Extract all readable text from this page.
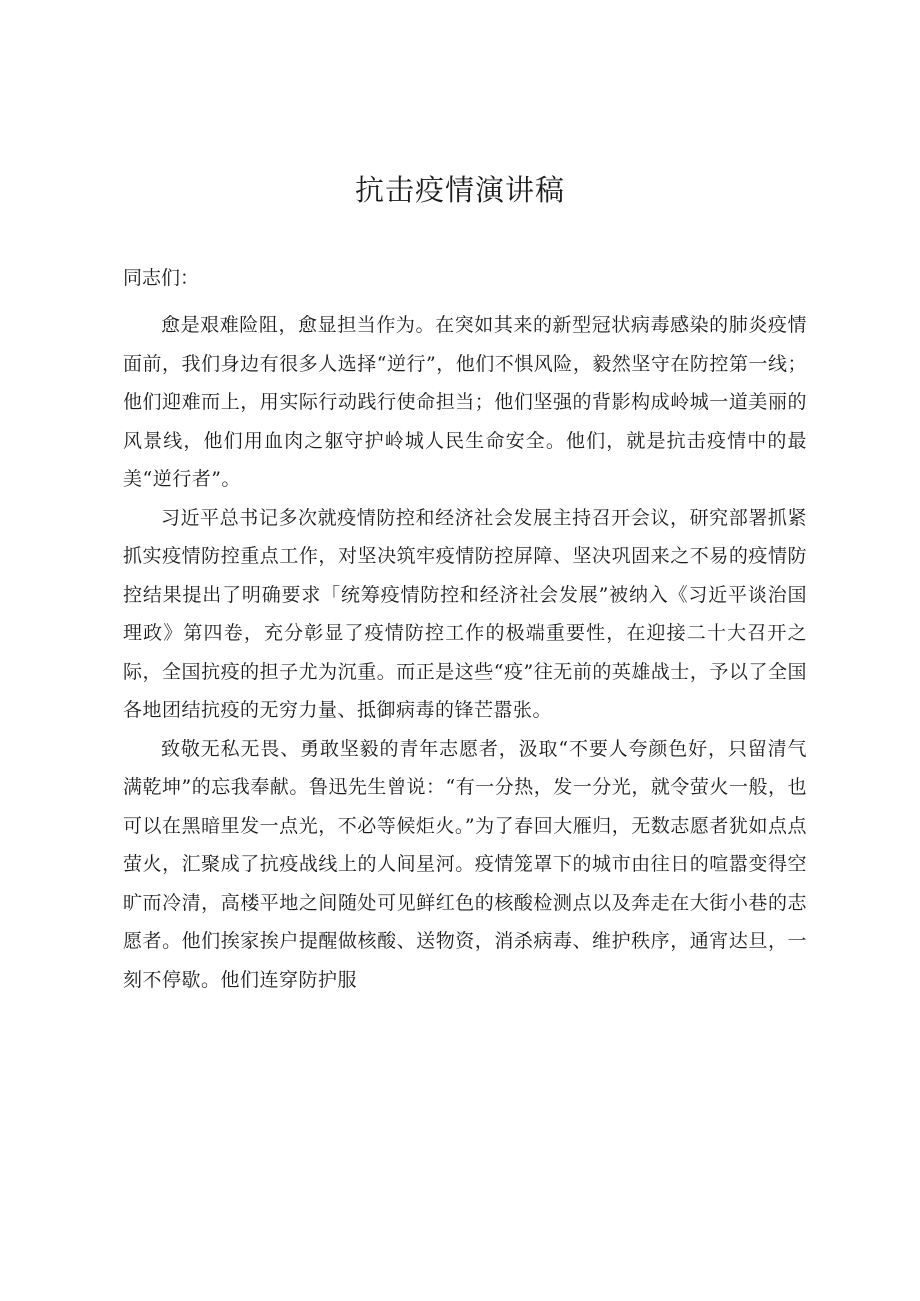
抗击疫情演讲稿

同志们：

愈是艰难险阻，愈显担当作为。在突如其来的新型冠状病毒感染的肺炎疫情面前，我们身边有很多人选择“逆行”，他们不惧风险，毅然坚守在防控第一线；他们迎难而上，用实际行动践行使命担当；他们坚强的背影构成岭城一道美丽的风景线，他们用血肉之躯守护岭城人民生命安全。他们，就是抗击疫情中的最美“逆行者”。

习近平总书记多次就疫情防控和经济社会发展主持召开会议，研究部署抓紧抓实疫情防控重点工作，对坚决筑牢疫情防控屏障、坚决巩固来之不易的疫情防控结果提出了明确要求「统筹疫情防控和经济社会发展”被纳入《习近平谈治国理政》第四卷，充分彰显了疫情防控工作的极端重要性，在迎接二十大召开之际，全国抗疫的担子尤为沉重。而正是这些“疫”往无前的英雄战士，予以了全国各地团结抗疫的无穷力量、抵御病毒的锋芒嚣张。

致敬无私无畏、勇敢坚毅的青年志愿者，汲取“不要人夸颜色好，只留清气满乾坤”的忘我奉献。鲁迅先生曾说：“有一分热，发一分光，就令萤火一般，也可以在黑暗里发一点光，不必等候炬火。”为了春回大雁归，无数志愿者犹如点点萤火，汇聚成了抗疫战线上的人间星河。疫情笼罩下的城市由往日的喧嚣变得空旷而冷清，高楼平地之间随处可见鲜红色的核酸检测点以及奔走在大街小巷的志愿者。他们挨家挨户提醒做核酸、送物资，消杀病毒、维护秩序，通宵达旦，一刻不停歇。他们连穿防护服
